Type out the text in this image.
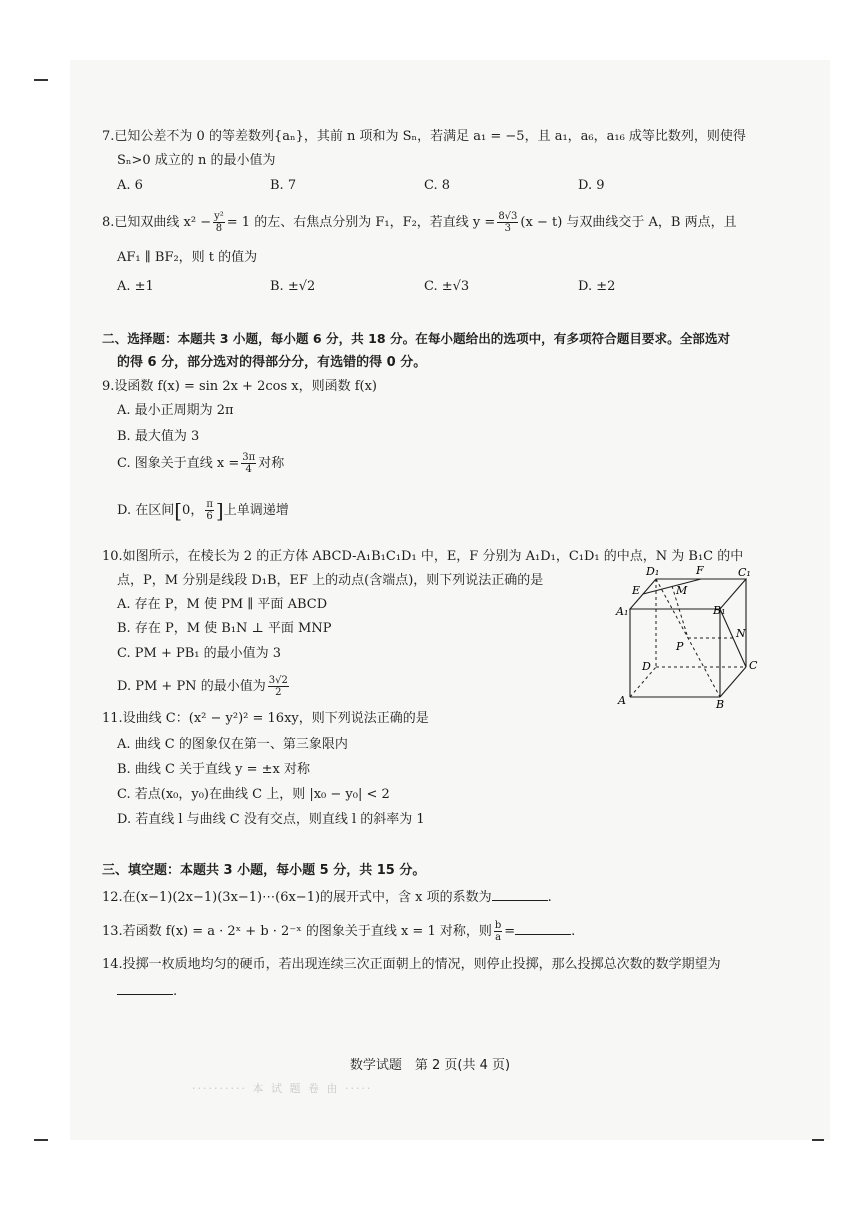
7.已知公差不为 0 的等差数列{aₙ}，其前 n 项和为 Sₙ，若满足 a₁ = −5，且 a₁，a₆，a₁₆ 成等比数列，则使得
Sₙ>0 成立的 n 的最小值为
A. 6	B. 7	C. 8	D. 9
8.已知双曲线 $x^2 - \frac{\text{y²}}{8} = 1$ 的左、右焦点分别为 F₁，F₂，若直线 $y = \frac{8√3}{3} (x - t)$ 与双曲线交于 A，B 两点，且
AF₁ ∥ BF₂，则 t 的值为
A. ±1	B. ±√2	C. ±√3	D. ±2
二、选择题：本题共 3 小题，每小题 6 分，共 18 分。在每小题给出的选项中，有多项符合题目要求。全部选对
的得 6 分，部分选对的得部分分，有选错的得 0 分。
9.设函数 f(x) = sin 2x + 2cos x，则函数 f(x)
A. 最小正周期为 2π
B. 最大值为 3
C. 图象关于直线 $x = \frac{3\pi}{4}$ 对称
D. 在区间[0， $\frac{\pi}{6}$ ]上单调递增
10.如图所示，在棱长为 2 的正方体 ABCD-A₁B₁C₁D₁ 中，E，F 分别为 A₁D₁，C₁D₁ 的中点，N 为 B₁C 的中
点，P，M 分别是线段 D₁B，EF 上的动点(含端点)，则下列说法正确的是
A. 存在 P，M 使 PM ∥ 平面 ABCD
B. 存在 P，M 使 B₁N ⊥ 平面 MNP
C. PM + PB₁ 的最小值为 3
D. PM + PN 的最小值为 $\frac{3√2}{2}$
D₁	F	C₁
E	M
A₁	B₁
N
P
D	C
A	B
11.设曲线 C：(x² − y²)² = 16xy，则下列说法正确的是
A. 曲线 C 的图象仅在第一、第三象限内
B. 曲线 C 关于直线 y = ±x 对称
C. 若点(x₀，y₀)在曲线 C 上，则 |x₀ − y₀| < 2
D. 若直线 l 与曲线 C 没有交点，则直线 l 的斜率为 1
三、填空题：本题共 3 小题，每小题 5 分，共 15 分。
12.在(x−1)(2x−1)(3x−1)⋯(6x−1)的展开式中，含 x 项的系数为	.
13.若函数 f(x) = a · 2ˣ + b · 2⁻ˣ 的图象关于直线 x = 1 对称，则 $\frac{b}{a}$ =	.
14.投掷一枚质地均匀的硬币，若出现连续三次正面朝上的情况，则停止投掷，那么投掷总次数的数学期望为
.
数学试题　第 2 页(共 4 页)
·········· 本 试 题 卷 由 ·····
